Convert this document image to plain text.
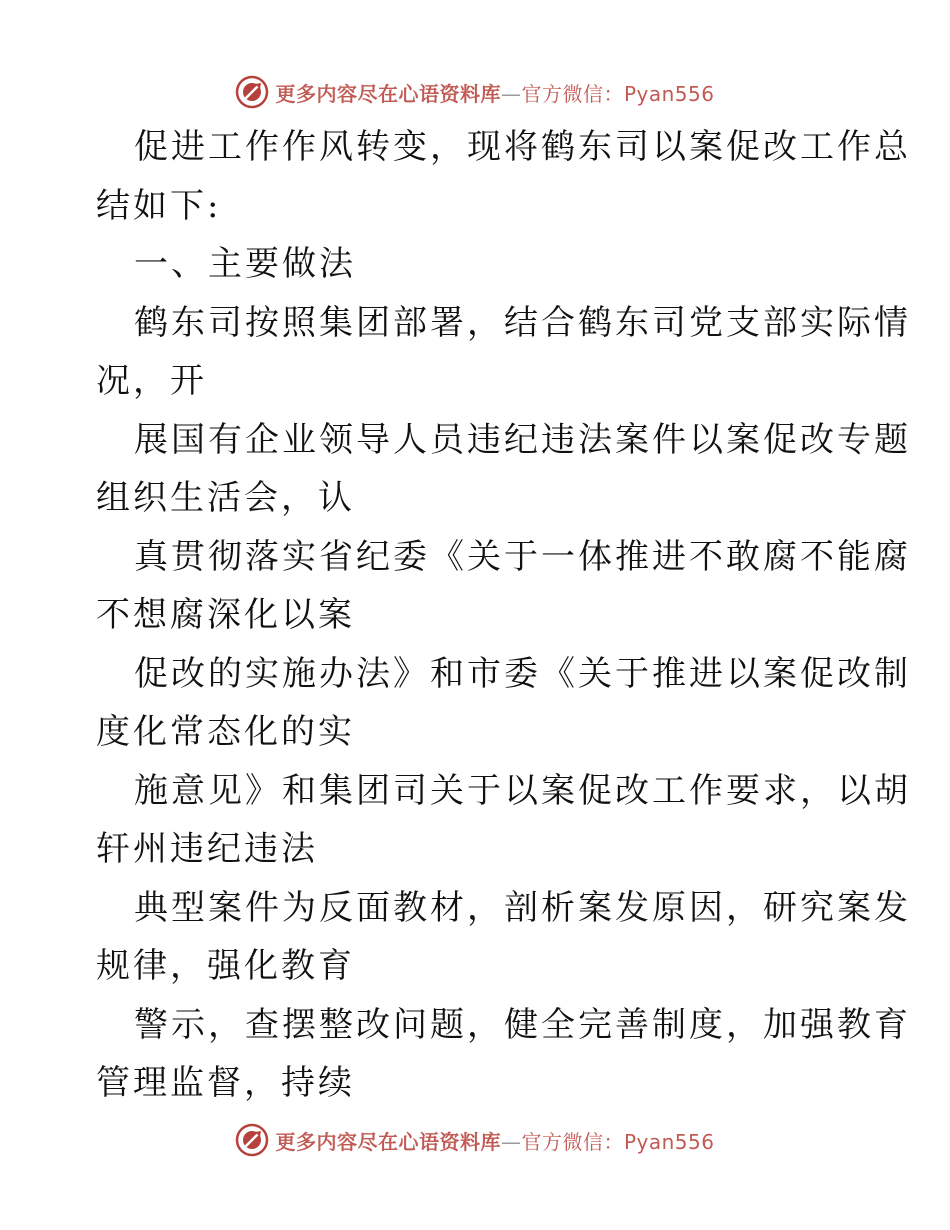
更多内容尽在心语资料库—官方微信：Pyan556
促进工作作风转变，现将鹤东司以案促改工作总
结如下:
一、主要做法
鹤东司按照集团部署，结合鹤东司党支部实际情
况，开
展国有企业领导人员违纪违法案件以案促改专题
组织生活会，认
真贯彻落实省纪委《关于一体推进不敢腐不能腐
不想腐深化以案
促改的实施办法》和市委《关于推进以案促改制
度化常态化的实
施意见》和集团司关于以案促改工作要求，以胡
轩州违纪违法
典型案件为反面教材，剖析案发原因，研究案发
规律，强化教育
警示，查摆整改问题，健全完善制度，加强教育
管理监督，持续
更多内容尽在心语资料库—官方微信：Pyan556
